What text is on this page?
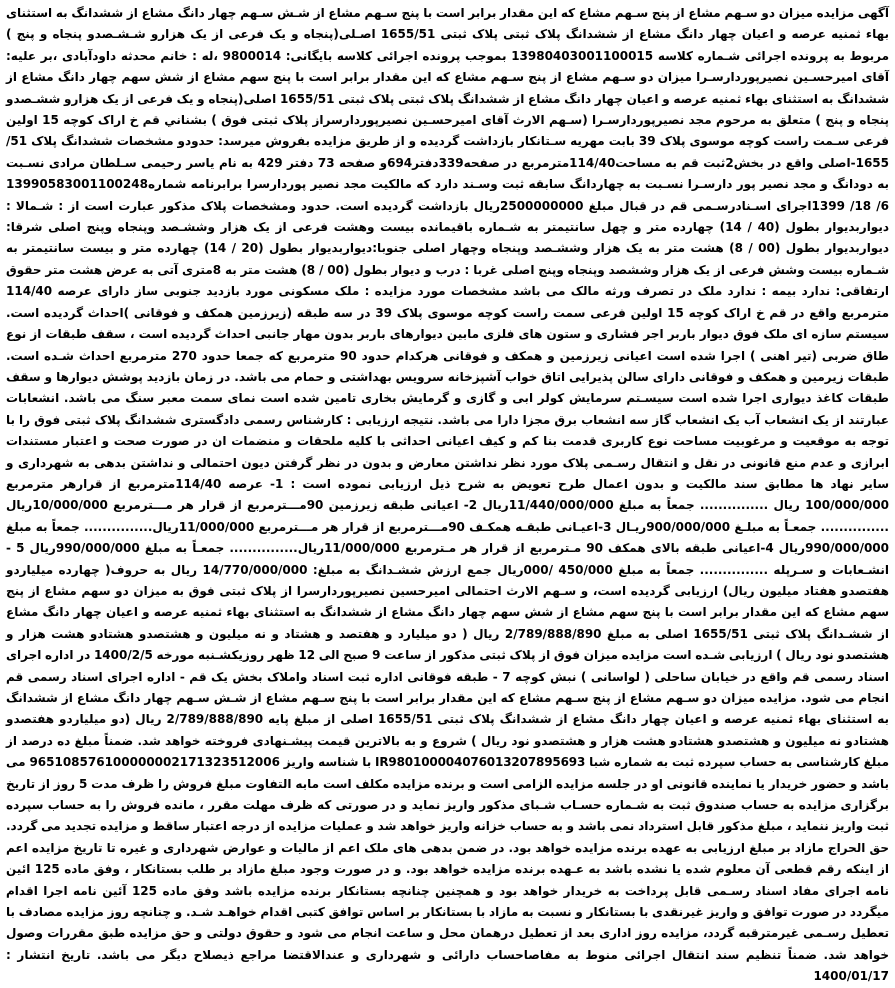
آگهی مزایده میزان دو سـهم مشاع از پنج سـهم مشاع که این مقدار برابر است با پنج سـهم مشاع از شـش سـهم چهار دانگ مشاع از ششدانگ به استثنای بهاء ثمنیه عرصه و اعیان چهار دانگ مشاع از ششدانگ پلاک ثبتی پلاک ثبتی 1655/51 اصـلی(پنجاه و یک فرعی از یک هزارو شـشـصدو پنجاه و پنج ) مربوط به پرونده اجرائی شـماره کلاسه 13980403001100015 بموجب پرونده اجرائی کلاسه بایگانی: 9800014 ،له : خانم محدثه داودآبادی ،بر علیه: آقای امیرحسـین نصیرپوردارسـرا میزان دو سـهم مشاع از پنج سـهم مشاع که این مقدار برابر است با پنج سهم مشاع از شش سهم چهار دانگ مشاع از ششدانگ به استثنای بهاء ثمنیه عرصه و اعیان چهار دانگ مشاع از ششدانگ پلاک ثبتی پلاک ثبتی 1655/51 اصلی(پنجاه و یک فرعی از یک هزارو ششـصدو پنجاه و پنج ) متعلق به مرحوم مجد نصیرپوردارسـرا (سـهم الارث آقای امیرحسـین نصیرپوردارسراز پلاک ثبتی فوق ) بشناني قم خ اراک کوچه 15 اولین فرعی سـمت راست کوچه موسوی پلاک 39 بابت مهریه سـتانکار بازداشت گردیده و از طریق مزایده بفروش میرسد: حدودو مشخصات ششدانگ پلاک 51/ 1655-اصلی واقع در بخش2ثبت قم به مساحت114/40مترمربع در صفحه339دفتر694و صفحه 73 دفتر 429 به نام یاسر رحیمی سـلطان مرادی نسـبت به دودانگ و مجد نصیر پور دارسـرا نسـبت به چهاردانگ سابقه ثبت وسـند دارد که مالکیت مجد نصیر پوردارسرا برابرنامه شماره13990583001100248 6/ 18/ 1399اجرای اسـنادرسـمی قم در قبال مبلغ 2500000000ریال بازداشت گردیده است. حدود ومشخصات پلاک مذکور عبارت است از : شـمالا : دیواربدیوار بطول (40 / 14) چهارده متر و چهل سانتیمتر به شـماره باقیمانده بیست وهشت فرعی از یک هزار وششـصد وپنجاه وپنج اصلی شرقا: دیواربدیوار بطول (00 / 8) هشت متر به یک هزار وششـصد وپنجاه وچهار اصلی جنوبا:دیواربدیوار بطول (20 / 14) چهارده متر و بیست سانتیمتر به شـماره بیست وشش فرعی از یک هزار وششصد وپنجاه وپنج اصلی غربا : درب و دیوار بطول (00 / 8) هشت متر به 8متری آتی به عرض هشت متر حقوق ارتفاقی: ندارد بیمه : ندارد ملک در تصرف ورثه مالک می باشد مشخصات مورد مزایده : ملک مسکونی مورد بازدید جنوبی ساز دارای عرصه 114/40 مترمربع واقع در قم خ اراک کوچه 15 اولین فرعی سمت راست کوچه موسوی پلاک 39 در سه طبقه (زیرزمین همکف و فوقانی )احداث گردیده است. سیستم سازه ای ملک فوق دیوار باربر اجر فشاری و ستون های فلزی مابین دیوارهای باربر بدون مهار جانبی احداث گردیده است ، سقف طبقات از نوع طاق ضربی (تیر اهنی ) اجرا شده است اعیانی زیرزمین و همکف و فوقانی هرکدام حدود 90 مترمربع که جمعا حدود 270 مترمربع احداث شـده است. طبقات زیرمین و همکف و فوقانی دارای سالن پذیرایی اتاق خواب آشپزخانه سرویس بهداشتی و حمام می باشد. در زمان بازدید پوشش دیوارها و سقف طبقات کاغذ دیواری اجرا شده است سیسـتم سرمایش کولر ابی و گازی و گرمایش بخاری تامین شده است نمای سمت معبر سنگ می باشد. انشعابات عبارتند از یک انشعاب آب یک انشعاب گاز سه انشعاب برق مجزا دارا می باشد. نتیجه ارزیابی : کارشناس رسمی دادگستری ششدانگ پلاک ثبتی فوق را با توجه به موقعیت و مرغوبیت مساحت نوع کاربری قدمت بنا کم و کیف اعیانی احداثی با کلیه ملحقات و منضمات ان در صورت صحت و اعتبار مستندات ابرازی و عدم منع قانونی در نقل و انتقال رسـمی پلاک مورد نظر نداشتن معارض و بدون در نظر گرفتن دیون احتمالی و نداشتن بدهی به شهرداری و سایر نهاد ها مطابق سند مالکیت و بدون اعمال طرح تعویض به شرح ذیل ارزیابی نموده است : 1- عرصه 114/40مترمربع از قرارهر مترمربع 100/000/000 ریال ............... جمعاً به مبلغ 11/440/000/000ریال 2- اعیانی طبقه زیرزمین 90مـــترمربع از قرار هر مـــترمربع 10/000/000ریال ............... جمعـاً به مبلـغ 900/000/000ریـال 3-اعیـانی طبقـه همکـف 90مـــترمربع از قرار هر مـــترمربع 11/000/000ریال............... جمعاً به مبلغ 990/000/000ریال 4-اعیانی طبقه بالای همکف 90 مـترمربع از قرار هر مـترمربع 11/000/000ریال............... جمعـاً به مبلغ 990/000/000ریال 5 - انشـعابات و سـرپله ............... جمعاً به مبلغ 450/000 /000ریال جمع ارزش ششـدانگ به مبلغ: 14/770/000/000 ریال به حروف( چهارده میلیاردو هفتصدو هفتاد میلیون ریال) ارزیابی گردیده است، و سـهم الارث احتمالی امیرحسین نصیرپوردارسرا از پلاک ثبتی فوق به میزان دو سهم مشاع از پنج سهم مشاع که این مقدار برابر است با پنج سهم مشاع از شش سهم چهار دانگ مشاع از ششدانگ به استثنای بهاء ثمنیه عرصه و اعیان چهار دانگ مشاع از ششـدانگ پلاک ثبتی 1655/51 اصلی به مبلغ 2/789/888/890 ریال ( دو میلیارد و هفتصد و هشتاد و نه میلیون و هشتصدو هشتادو هشت هزار و هشتصدو نود ریال ) ارزیابی شـده است مزایده میزان فوق از پلاک ثبتی مذکور از ساعت 9 صبح الی 12 ظهر روزیکشـنبه مورخه 1400/2/5 در اداره اجرای اسناد رسمی قم واقع در خیابان ساحلی ( لواسانی ) نبش کوچه 7 - طبقه فوقانی اداره ثبت اسناد واملاک بخش یک قم - اداره اجرای اسناد رسمی قم انجام می شود. مزایده میزان دو سـهم مشاع از پنج سـهم مشاع که این مقدار برابر است با پنج سـهم مشاع از شـش سـهم چهار دانگ مشاع از ششدانگ به استثنای بهاء ثمنیه عرصه و اعیان چهار دانگ مشاع از ششدانگ پلاک ثبتی 1655/51 اصلی از مبلغ پایه 2/789/888/890 ریال (دو میلیاردو هفتصدو هشتادو نه میلیون و هشتصدو هشتادو هشت هزار و هشتصدو نود ریال ) شروع و به بالاترین قیمت پیشـنهادی فروخته خواهد شد. ضمناً مبلغ ده درصد از مبلغ کارشناسی به حساب سپرده ثبت به شماره شبا IR980100004076013207895693 با شناسه واریز 965108576100000002171323512006 می باشد و حضور خریدار یا نماینده قانونی او در جلسه مزایده الزامی است و برنده مزایده مکلف است مابه التفاوت مبلغ فروش را ظرف مدت 5 روز از تاریخ برگزاری مزایده به حساب صندوق ثبت به شـماره حسـاب شـبای مذکور واریز نماید و در صورتی که ظرف مهلت مقرر ، مانده فروش را به حساب سپرده ثبت واریز ننماید ، مبلغ مذکور قابل استرداد نمی باشد و به حساب خزانه واریز خواهد شد و عملیات مزایده از درجه اعتبار ساقط و مزایده تجدید می گردد. حق الحراج مازاد بر مبلغ ارزیابی به عهده برنده مزایده خواهد بود. در ضمن بدهی های ملک اعم از مالیات و عوارض شهرداری و غیره تا تاریخ مزایده اعم از اینکه رقم قطعی آن معلوم شده یا نشده باشد به عـهده برنده مزایده خواهد بود. و در صورت وجود مبلغ مازاد بر طلب بستانکار ، وفق ماده 125 ائین نامه اجرای مفاد اسناد رسـمی قابل پرداخت به خریدار خواهد بود و همچنین چنانچه بستانکار برنده مزایده باشد وفق ماده 125 آئین نامه اجرا اقدام میگردد در صورت توافق و واریز غیرنقدی با بستانکار و نسبت به مازاد با بستانکار بر اساس توافق کتبی اقدام خواهـد شـد. و چنانچه روز مزایده مصادف با تعطیل رسـمی غیرمترقبه گردد، مزایده روز اداری بعد از تعطیل درهمان محل و ساعت انجام می شود و حقوق دولتی و حق مزایده طبق مقررات وصول خواهد شد. ضمناً تنظیم سند انتقال اجرائی منوط به مفاصاحساب دارائی و شهرداری و عندالاقتضا مراجع ذیصلاح دیگر می باشد. تاریخ انتشار : 1400/01/17
